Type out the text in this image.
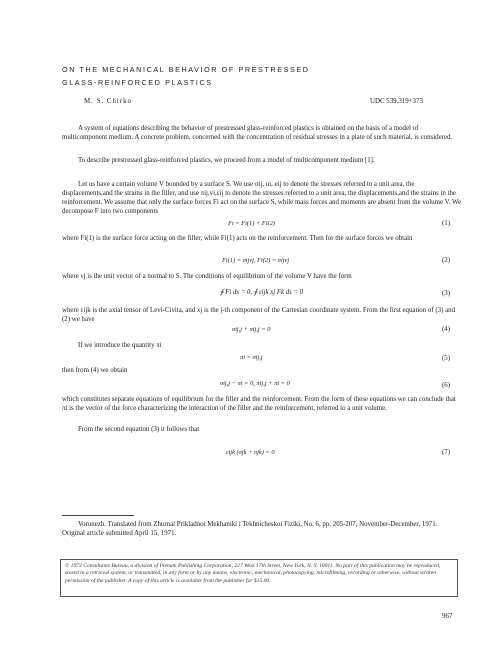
ON THE MECHANICAL BEHAVIOR OF PRESTRESSED
GLASS-REINFORCED PLASTICS
M. S. Chirko	UDC 539.319+373
A system of equations describing the behavior of prestressed glass-reinforced plastics is obtained on the basis of a model of multicomponent medium. A concrete problem, concerned with the concentration of residual stresses in a plate of such material, is considered.
To describe prestressed glass-reinforced plastics, we proceed from a model of multicomponent medium [1].
Let us have a certain volume V bounded by a surface S. We use σij, ui, eij to denote the stresses referred to a unit area, the displacements,and the strains in the filler, and use πij,vi,εij to denote the stresses referred to a unit area, the displacements,and the strains in the reinforcement. We assume that only the surface forces Fi act on the surface S, while mass forces and moments are absent from the volume V. We decompose F into two components
Fi = Fi(1) + Fi(2)	(1)
where Fi(1) is the surface force acting on the filler, while Fi(1) acts on the reinforcement. Then for the surface forces we obtain
Fi(1) = σijνj, Fi(2) = πijνj	(2)
where νj is the unit vector of a normal to S. The conditions of equilibrium of the volume V have the form
∮ Fi ds = 0, ∮ εijk xj Fk ds = 0	(3)
where εijk is the axial tensor of Levi-Civita, and xj is the j-th component of the Cartesian coordinate system. From the first equation of (3) and (2) we have
σij,j + πij,j = 0	(4)
If we introduce the quantity πi
πi = σij,j	(5)
then from (4) we obtain
σij,j − πi = 0, πij,j + πi = 0	(6)
which constitutes separate equations of equilibrium for the filler and the reinforcement. From the form of these equations we can conclude that πi is the vector of the force characterizing the interaction of the filler and the reinforcement, referred to a unit volume.
From the second equation (3) it follows that
εijk (σjk + πjk) = 0	(7)
Voronezh. Translated from Zhurnal Prikladnoi Mekhaniki i Tekhnicheskoi Fiziki, No. 6, pp. 205-207, November-December, 1971. Original article submitted April 15, 1971.
© 1973 Consultants Bureau, a division of Plenum Publishing Corporation, 227 West 17th Street, New York, N. Y. 10011. No part of this publication may be reproduced, stored in a retrieval system, or transmitted, in any form or by any means, electronic, mechanical, photocopying, microfilming, recording or otherwise, without written permission of the publisher. A copy of this article is available from the publisher for $15.00.
967
